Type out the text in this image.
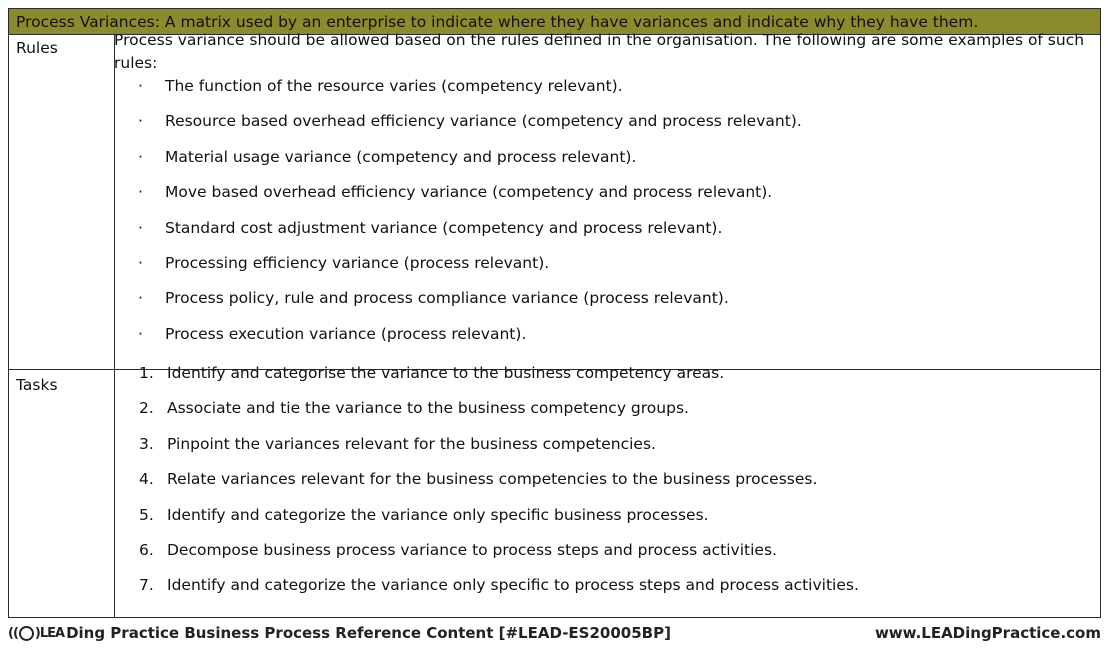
Process Variances: A matrix used by an enterprise to indicate where they have variances and indicate why they have them.
Rules
Tasks

Process variance should be allowed based on the rules defined in the organisation. The following are some examples of such rules:

· The function of the resource varies (competency relevant).
· Resource based overhead efficiency variance (competency and process relevant).
· Material usage variance (competency and process relevant).
· Move based overhead efficiency variance (competency and process relevant).
· Standard cost adjustment variance (competency and process relevant).
· Processing efficiency variance (process relevant).
· Process policy, rule and process compliance variance (process relevant).
· Process execution variance (process relevant).
1. Identify and categorise the variance to the business competency areas.
2. Associate and tie the variance to the business competency groups.
3. Pinpoint the variances relevant for the business competencies.
4. Relate variances relevant for the business competencies to the business processes.
5. Identify and categorize the variance only specific business processes.
6. Decompose business process variance to process steps and process activities.
7. Identify and categorize the variance only specific to process steps and process activities.
(( ) LEA Ding Practice Business Process Reference Content [#LEAD-ES20005BP]	www.LEADingPractice.com
